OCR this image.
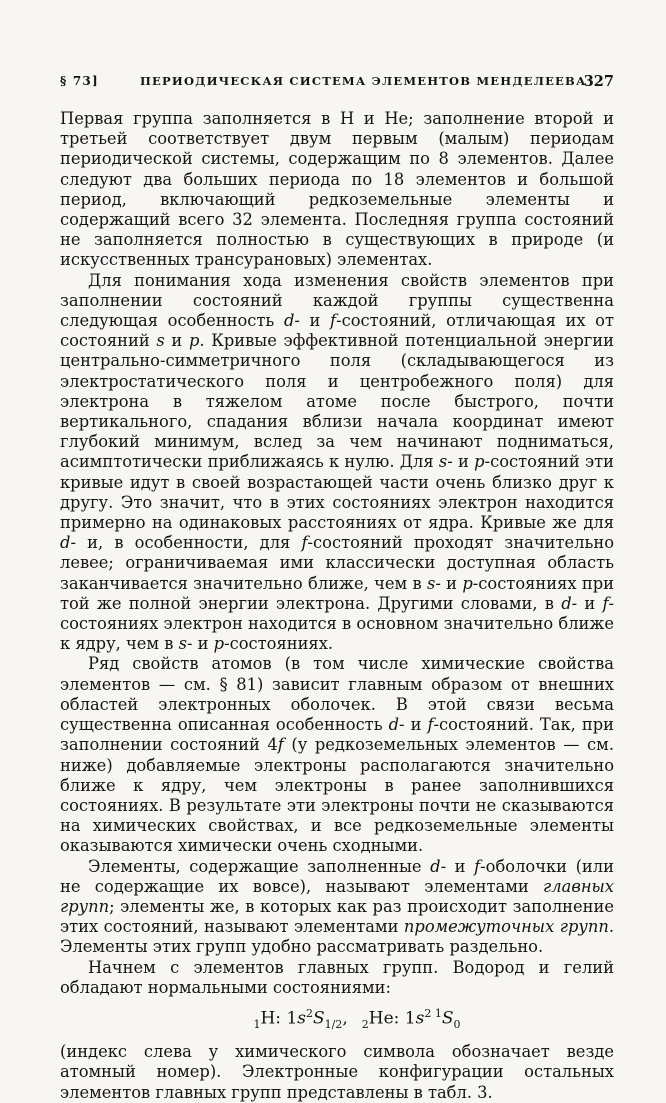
§ 73]	ПЕРИОДИЧЕСКАЯ СИСТЕМА ЭЛЕМЕНТОВ МЕНДЕЛЕЕВА
327

Первая группа заполняется в H и He; заполнение второй и третьей соответствует двум первым (малым) периодам периодической системы, содержащим по 8 элементов. Далее следуют два больших периода по 18 элементов и большой период, включающий редкоземельные элементы и содержащий всего 32 элемента. Последняя группа состояний не заполняется полностью в существующих в природе (и искусственных трансурановых) элементах.

Для понимания хода изменения свойств элементов при заполнении состояний каждой группы существенна следующая особенность d- и f-состояний, отличающая их от состояний s и p. Кривые эффективной потенциальной энергии центрально-симметричного поля (складывающегося из электростатического поля и центробежного поля) для электрона в тяжелом атоме после быстрого, почти вертикального, спадания вблизи начала координат имеют глубокий минимум, вслед за чем начинают подниматься, асимптотически приближаясь к нулю. Для s- и p-состояний эти кривые идут в своей возрастающей части очень близко друг к другу. Это значит, что в этих состояниях электрон находится примерно на одинаковых расстояниях от ядра. Кривые же для d- и, в особенности, для f-состояний проходят значительно левее; ограничиваемая ими классически доступная область заканчивается значительно ближе, чем в s- и p-состояниях при той же полной энергии электрона. Другими словами, в d- и f-состояниях электрон находится в основном значительно ближе к ядру, чем в s- и p-состояниях.

Ряд свойств атомов (в том числе химические свойства элементов — см. § 81) зависит главным образом от внешних областей электронных оболочек. В этой связи весьма существенна описанная особенность d- и f-состояний. Так, при заполнении состояний 4f (у редкоземельных элементов — см. ниже) добавляемые электроны располагаются значительно ближе к ядру, чем электроны в ранее заполнившихся состояниях. В результате эти электроны почти не сказываются на химических свойствах, и все редкоземельные элементы оказываются химически очень сходными.

Элементы, содержащие заполненные d- и f-оболочки (или не содержащие их вовсе), называют элементами главных групп; элементы же, в которых как раз происходит заполнение этих состояний, называют элементами промежуточных групп. Элементы этих групп удобно рассматривать раздельно.

Начнем с элементов главных групп. Водород и гелий обладают нормальными состояниями:

$_1$H: $1s^2S_{1/2}$, $_2$He: $1s^{2 1}S_0$

(индекс слева у химического символа обозначает везде атомный номер). Электронные конфигурации остальных элементов главных групп представлены в табл. 3.
